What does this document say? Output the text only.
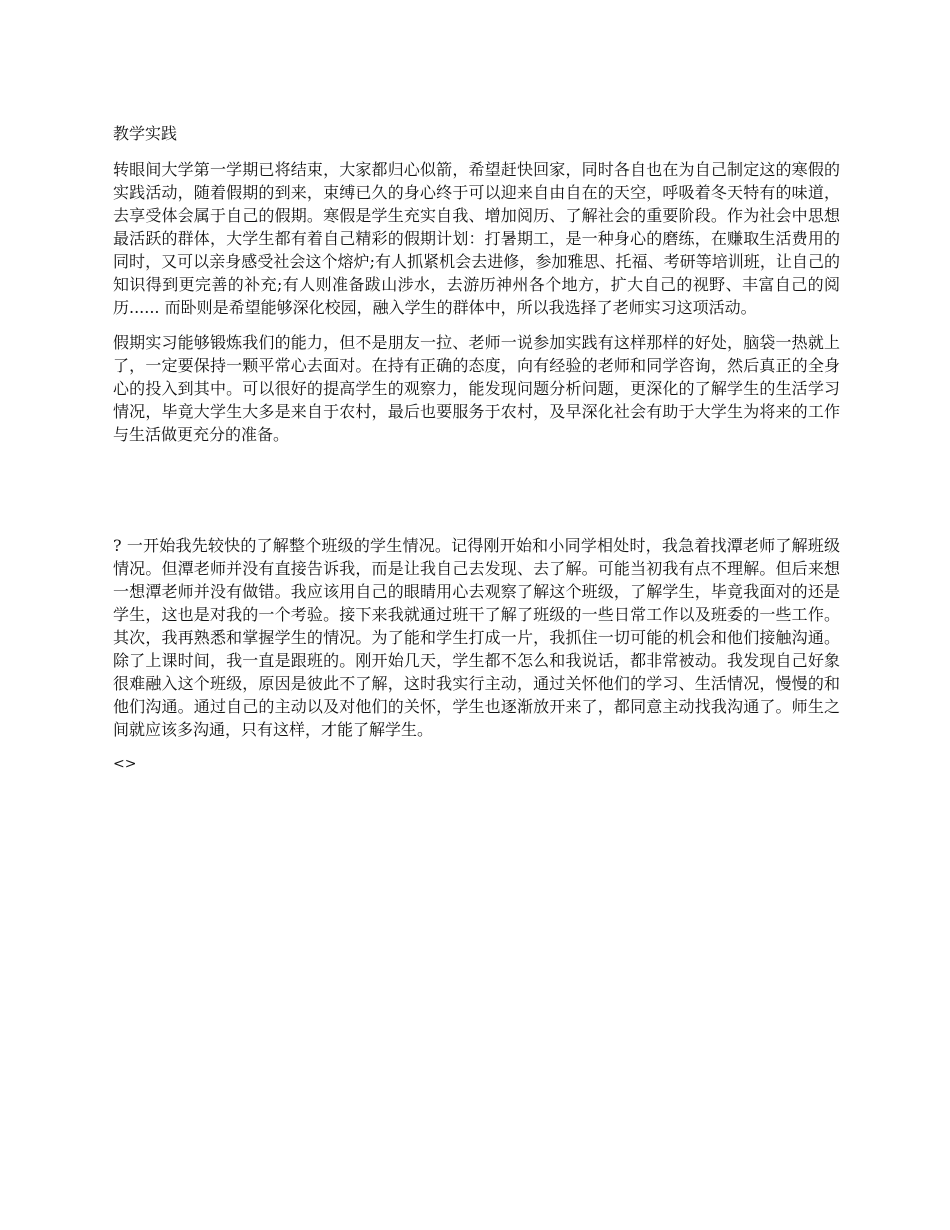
教学实践

转眼间大学第一学期已将结束，大家都归心似箭，希望赶快回家，同时各自也在为自己制定这的寒假的实践活动，随着假期的到来，束缚已久的身心终于可以迎来自由自在的天空，呼吸着冬天特有的味道，去享受体会属于自己的假期。寒假是学生充实自我、增加阅历、了解社会的重要阶段。作为社会中思想最活跃的群体，大学生都有着自己精彩的假期计划：打暑期工，是一种身心的磨练，在赚取生活费用的同时，又可以亲身感受社会这个熔炉;有人抓紧机会去进修，参加雅思、托福、考研等培训班，让自己的知识得到更完善的补充;有人则准备跋山涉水，去游历神州各个地方，扩大自己的视野、丰富自己的阅历...... 而卧则是希望能够深化校园，融入学生的群体中，所以我选择了老师实习这项活动。

假期实习能够锻炼我们的能力，但不是朋友一拉、老师一说参加实践有这样那样的好处，脑袋一热就上了，一定要保持一颗平常心去面对。在持有正确的态度，向有经验的老师和同学咨询，然后真正的全身心的投入到其中。可以很好的提高学生的观察力，能发现问题分析问题，更深化的了解学生的生活学习情况，毕竟大学生大多是来自于农村，最后也要服务于农村，及早深化社会有助于大学生为将来的工作与生活做更充分的准备。

? 一开始我先较快的了解整个班级的学生情况。记得刚开始和小同学相处时，我急着找潭老师了解班级情况。但潭老师并没有直接告诉我，而是让我自己去发现、去了解。可能当初我有点不理解。但后来想一想潭老师并没有做错。我应该用自己的眼睛用心去观察了解这个班级，了解学生，毕竟我面对的还是学生，这也是对我的一个考验。接下来我就通过班干了解了班级的一些日常工作以及班委的一些工作。其次，我再熟悉和掌握学生的情况。为了能和学生打成一片，我抓住一切可能的机会和他们接触沟通。除了上课时间，我一直是跟班的。刚开始几天，学生都不怎么和我说话，都非常被动。我发现自己好象很难融入这个班级，原因是彼此不了解，这时我实行主动，通过关怀他们的学习、生活情况，慢慢的和他们沟通。通过自己的主动以及对他们的关怀，学生也逐渐放开来了，都同意主动找我沟通了。师生之间就应该多沟通，只有这样，才能了解学生。

<>
